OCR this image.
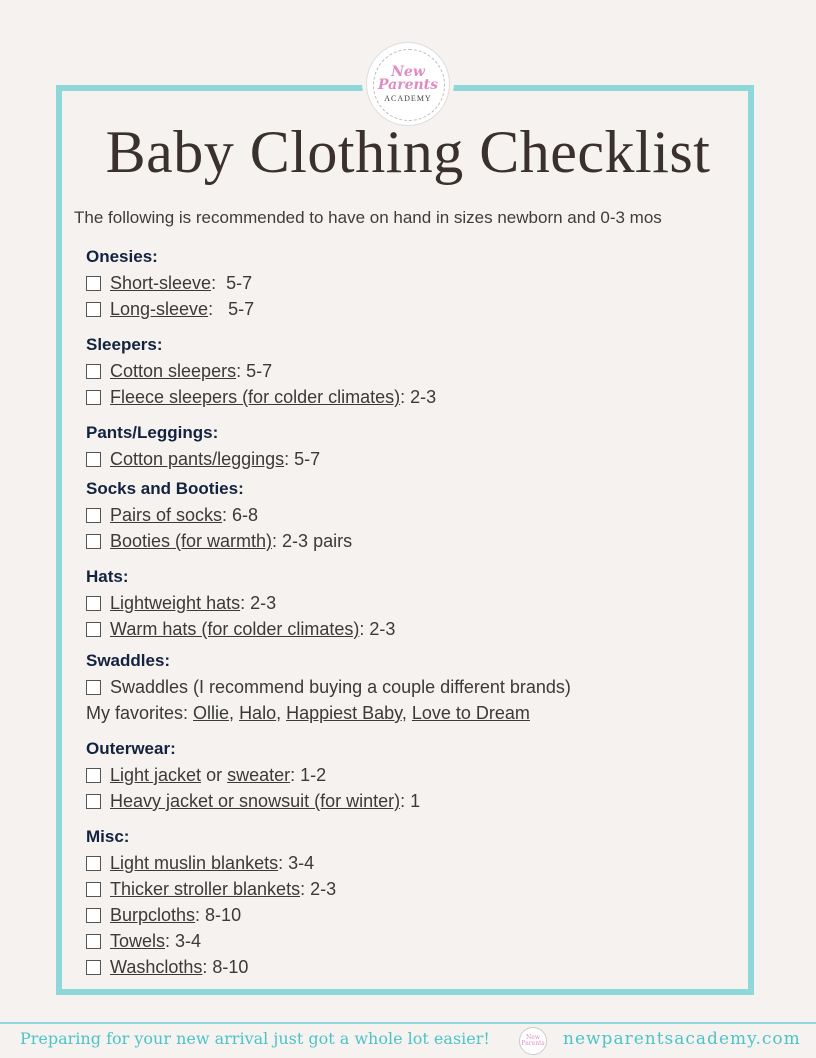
New
Parents
ACADEMY
Baby Clothing Checklist
The following is recommended to have on hand in sizes newborn and 0-3 mos
Onesies:
Short-sleeve :  5-7
Long-sleeve :   5-7
Sleepers:
Cotton sleepers : 5-7
Fleece sleepers (for colder climates) : 2-3
Pants/Leggings:
Cotton pants/leggings : 5-7
Socks and Booties:
Pairs of socks : 6-8
Booties (for warmth) : 2-3 pairs
Hats:
Lightweight hats : 2-3
Warm hats (for colder climates) : 2-3
Swaddles:
Swaddles (I recommend buying a couple different brands)
My favorites: Ollie, Halo, Happiest Baby, Love to Dream
Outerwear:
Light jacket or sweater : 1-2
Heavy jacket or snowsuit (for winter) : 1
Misc:
Light muslin blankets : 3-4
Thicker stroller blankets : 2-3
Burpcloths : 8-10
Towels : 3-4
Washcloths : 8-10
Preparing for your new arrival just got a whole lot easier!	New Parents newparentsacademy.com
